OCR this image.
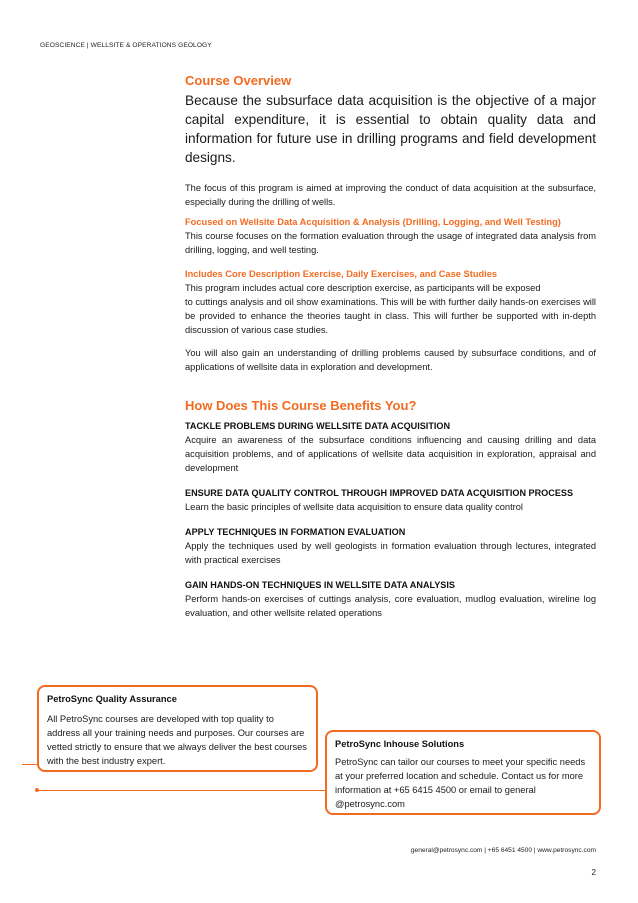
GEOSCIENCE | WELLSITE & OPERATIONS GEOLOGY
Course Overview
Because the subsurface data acquisition is the objective of a major capital expenditure, it is essential to obtain quality data and information for future use in drilling programs and field development designs.
The focus of this program is aimed at improving the conduct of data acquisition at the subsurface, especially during the drilling of wells.
Focused on Wellsite Data Acquisition & Analysis (Drilling, Logging, and Well Testing)
This course focuses on the formation evaluation through the usage of integrated data analysis from drilling, logging, and well testing.
Includes Core Description Exercise, Daily Exercises, and Case Studies
This program includes actual core description exercise, as participants will be exposed
to cuttings analysis and oil show examinations. This will be with further daily hands-on exercises will be provided to enhance the theories taught in class. This will further be supported with in-depth discussion of various case studies.
You will also gain an understanding of drilling problems caused by subsurface conditions, and of applications of wellsite data in exploration and development.
How Does This Course Benefits You?
TACKLE PROBLEMS DURING WELLSITE DATA ACQUISITION
Acquire an awareness of the subsurface conditions influencing and causing drilling and data acquisition problems, and of applications of wellsite data acquisition in exploration, appraisal and development
ENSURE DATA QUALITY CONTROL THROUGH IMPROVED DATA ACQUISITION PROCESS
Learn the basic principles of wellsite data acquisition to ensure data quality control
APPLY TECHNIQUES IN FORMATION EVALUATION
Apply the techniques used by well geologists in formation evaluation through lectures, integrated with practical exercises
GAIN HANDS-ON TECHNIQUES IN WELLSITE DATA ANALYSIS
Perform hands-on exercises of cuttings analysis, core evaluation, mudlog evaluation, wireline log evaluation, and other wellsite related operations
PetroSync Quality Assurance
All PetroSync courses are developed with top quality to address all your training needs and purposes. Our courses are vetted strictly to ensure that we always deliver the best courses with the best industry expert.
PetroSync Inhouse Solutions
PetroSync can tailor our courses to meet your specific needs at your preferred location and schedule. Contact us for more information at +65 6415 4500 or email to general @petrosync.com
general@petrosync.com | +65 6451 4500 | www.petrosync.com
2
